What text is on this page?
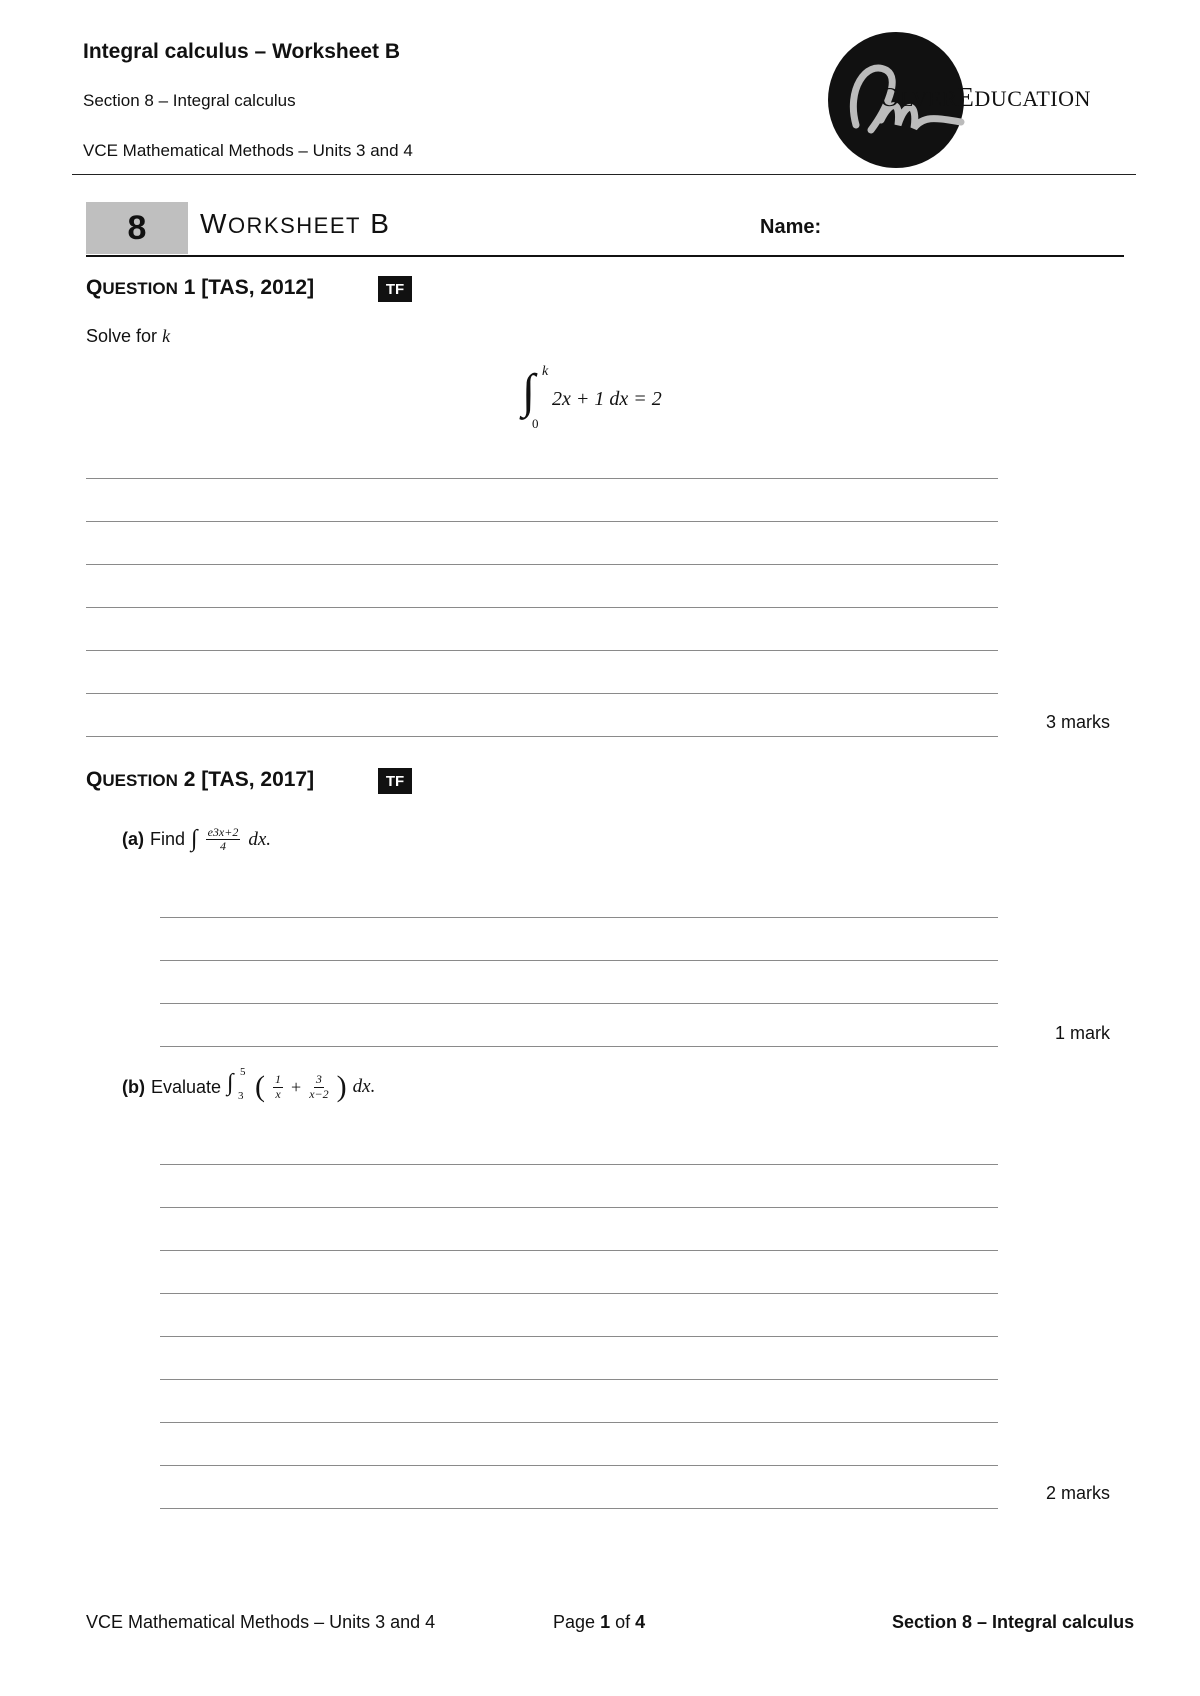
Integral calculus – Worksheet B
Section 8 – Integral calculus
VCE Mathematical Methods – Units 3 and 4
OLVEREDUCATION
8	WORKSHEET B	Name:
QUESTION 1 [TAS, 2012]	TF
Solve for k
∫ k
0
2x + 1 dx = 2
3 marks
QUESTION 2 [TAS, 2017]	TF
(a) Find ∫ $\frac{e3x+2}{4}$ dx.
1 mark
(b) Evaluate ∫ 5
3 ( $\frac{1}{x} + \frac{3}{x-2}$ ) dx.
2 marks
VCE Mathematical Methods – Units 3 and 4	Page 1 of 4	Section 8 – Integral calculus
